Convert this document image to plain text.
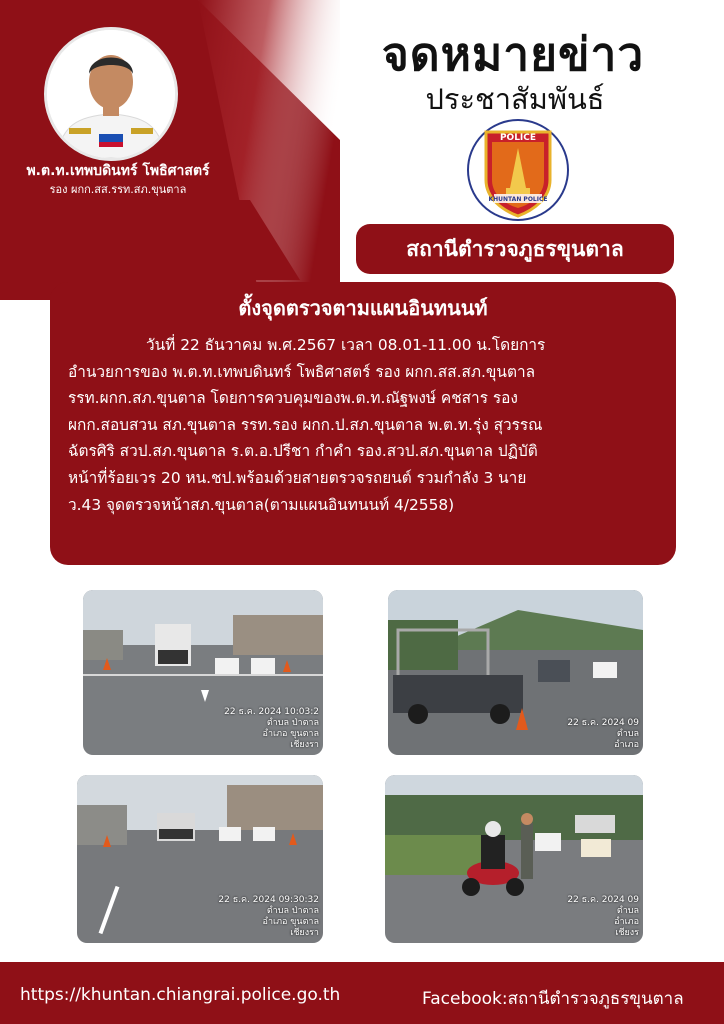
พ.ต.ท.เทพบดินทร์ โพธิศาสตร์
รอง ผกก.สส.รรท.สภ.ขุนตาล
จดหมายข่าว
ประชาสัมพันธ์
POLICE
KHUNTAN POLICE
สถานีตำรวจภูธรขุนตาล
ตั้งจุดตรวจตามแผนอินทนนท์
วันที่ 22 ธันวาคม พ.ศ.2567 เวลา 08.01-11.00 น.โดยการ
อำนวยการของ พ.ต.ท.เทพบดินทร์ โพธิศาสตร์ รอง ผกก.สส.สภ.ขุนตาล
รรท.ผกก.สภ.ขุนตาล โดยการควบคุมของพ.ต.ท.ณัฐพงษ์ คชสาร รอง
ผกก.สอบสวน สภ.ขุนตาล รรท.รอง ผกก.ป.สภ.ขุนตาล พ.ต.ท.รุ่ง สุวรรณ
ฉัตรศิริ สวป.สภ.ขุนตาล ร.ต.อ.ปรีชา กำคำ รอง.สวป.สภ.ขุนตาล ปฏิบัติ
หน้าที่ร้อยเวร 20 หน.ชป.พร้อมด้วยสายตรวจรถยนต์ รวมกำลัง 3 นาย
ว.43 จุดตรวจหน้าสภ.ขุนตาล(ตามแผนอินทนนท์ 4/2558)
22 ธ.ค. 2024 10:03:2
ตำบล ป่าตาล
อำเภอ ขุนตาล
เชียงรา
22 ธ.ค. 2024 09
ตำบล
อำเภอ
22 ธ.ค. 2024 09:30:32
ตำบล ป่าตาล
อำเภอ ขุนตาล
เชียงรา
22 ธ.ค. 2024 09
ตำบล
อำเภอ
เชียงร
https://khuntan.chiangrai.police.go.th	Facebook:สถานีตำรวจภูธรขุนตาล
